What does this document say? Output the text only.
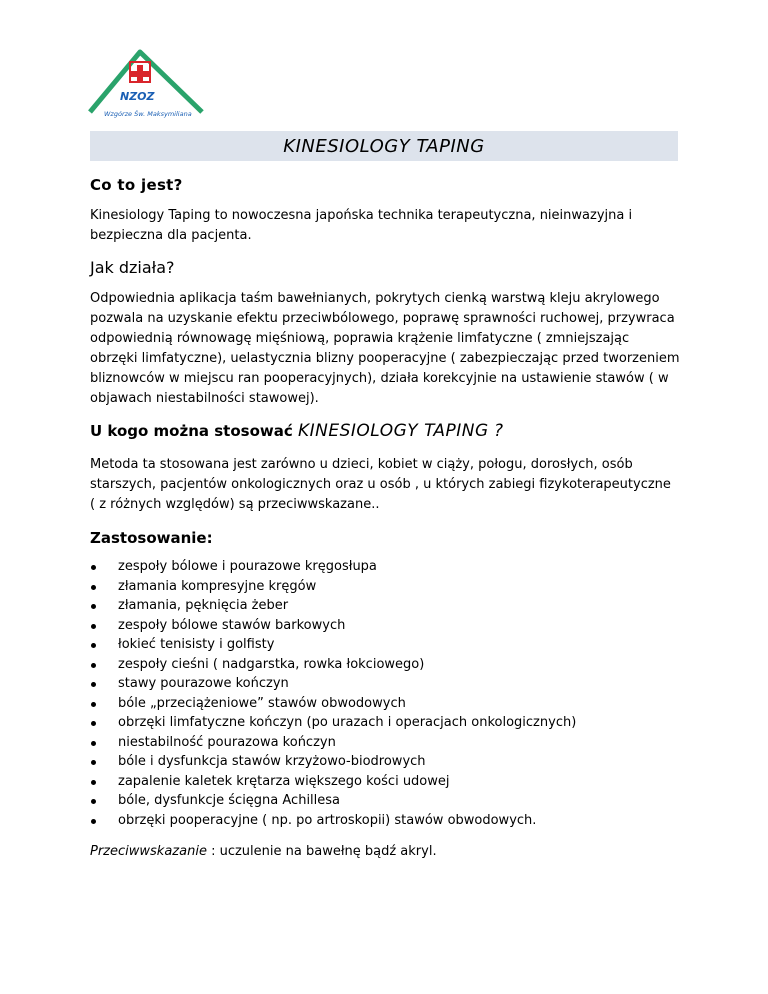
NZOZ
Wzgórze Św. Maksymiliana
KINESIOLOGY TAPING
Co to jest?

Kinesiology Taping to nowoczesna japońska technika terapeutyczna, nieinwazyjna i bezpieczna dla pacjenta.

Jak działa?

Odpowiednia aplikacja taśm bawełnianych, pokrytych cienką warstwą kleju akrylowego pozwala na uzyskanie efektu przeciwbólowego, poprawę sprawności ruchowej, przywraca odpowiednią równowagę mięśniową, poprawia krążenie limfatyczne ( zmniejszając obrzęki limfatyczne), uelastycznia blizny pooperacyjne ( zabezpieczając przed tworzeniem bliznowców w miejscu ran pooperacyjnych), działa korekcyjnie na ustawienie stawów ( w objawach niestabilności stawowej).

U kogo można stosować KINESIOLOGY TAPING ?

Metoda ta stosowana jest zarówno u dzieci, kobiet w ciąży, połogu, dorosłych, osób starszych, pacjentów onkologicznych oraz u osób , u których zabiegi fizykoterapeutyczne ( z różnych względów) są przeciwwskazane..

Zastosowanie:
zespoły bólowe i pourazowe kręgosłupa
złamania kompresyjne kręgów
złamania, pęknięcia żeber
zespoły bólowe stawów barkowych
łokieć tenisisty i golfisty
zespoły cieśni ( nadgarstka, rowka łokciowego)
stawy pourazowe kończyn
bóle „przeciążeniowe” stawów obwodowych
obrzęki limfatyczne kończyn (po urazach i operacjach onkologicznych)
niestabilność pourazowa kończyn
bóle i dysfunkcja stawów krzyżowo-biodrowych
zapalenie kaletek krętarza większego kości udowej
bóle, dysfunkcje ścięgna Achillesa
obrzęki pooperacyjne ( np. po artroskopii) stawów obwodowych.

Przeciwwskazanie : uczulenie na bawełnę bądź akryl.
